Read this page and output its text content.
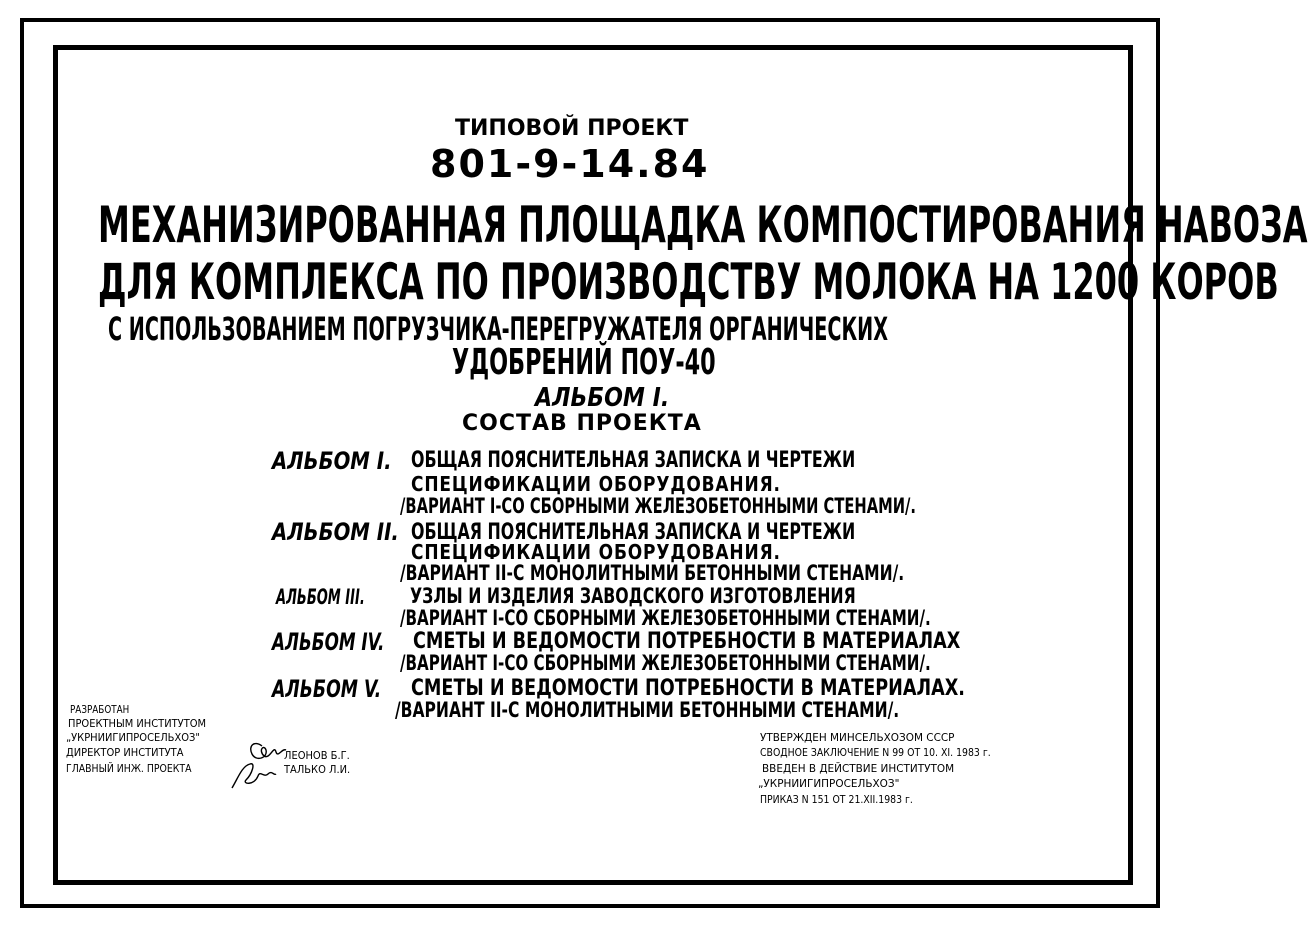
ТИПОВОЙ ПРОЕКТ
801-9-14.84
МЕХАНИЗИРОВАННАЯ ПЛОЩАДКА КОМПОСТИРОВАНИЯ НАВОЗА
ДЛЯ КОМПЛЕКСА ПО ПРОИЗВОДСТВУ МОЛОКА НА 1200 КОРОВ
С ИСПОЛЬЗОВАНИЕМ ПОГРУЗЧИКА-ПЕРЕГРУЖАТЕЛЯ ОРГАНИЧЕСКИХ
УДОБРЕНИЙ ПОУ-40
АЛЬБОМ I.
СОСТАВ ПРОЕКТА
АЛЬБОМ I. ОБЩАЯ ПОЯСНИТЕЛЬНАЯ ЗАПИСКА И ЧЕРТЕЖИ
СПЕЦИФИКАЦИИ ОБОРУДОВАНИЯ.
/ВАРИАНТ I-СО СБОРНЫМИ ЖЕЛЕЗОБЕТОННЫМИ СТЕНАМИ/.
АЛЬБОМ II. ОБЩАЯ ПОЯСНИТЕЛЬНАЯ ЗАПИСКА И ЧЕРТЕЖИ
СПЕЦИФИКАЦИИ ОБОРУДОВАНИЯ.
/ВАРИАНТ II-С МОНОЛИТНЫМИ БЕТОННЫМИ СТЕНАМИ/.
АЛЬБОМ III. УЗЛЫ И ИЗДЕЛИЯ ЗАВОДСКОГО ИЗГОТОВЛЕНИЯ
/ВАРИАНТ I-СО СБОРНЫМИ ЖЕЛЕЗОБЕТОННЫМИ СТЕНАМИ/.
АЛЬБОМ IV. СМЕТЫ И ВЕДОМОСТИ ПОТРЕБНОСТИ В МАТЕРИАЛАХ
/ВАРИАНТ I-СО СБОРНЫМИ ЖЕЛЕЗОБЕТОННЫМИ СТЕНАМИ/.
АЛЬБОМ V. СМЕТЫ И ВЕДОМОСТИ ПОТРЕБНОСТИ В МАТЕРИАЛАХ.
/ВАРИАНТ II-С МОНОЛИТНЫМИ БЕТОННЫМИ СТЕНАМИ/.
РАЗРАБОТАН
ПРОЕКТНЫМ ИНСТИТУТОМ
„УКРНИИГИПРОСЕЛЬХОЗ"
ДИРЕКТОР ИНСТИТУТА	ЛЕОНОВ Б.Г.
ГЛАВНЫЙ ИНЖ. ПРОЕКТА	ТАЛЬКО Л.И.
УТВЕРЖДЕН МИНСЕЛЬХОЗОМ СССР
СВОДНОЕ ЗАКЛЮЧЕНИЕ N 99 ОТ 10. XI. 1983 г.
ВВЕДЕН В ДЕЙСТВИЕ ИНСТИТУТОМ
„УКРНИИГИПРОСЕЛЬХОЗ"
ПРИКАЗ N 151 ОТ 21.XII.1983 г.
